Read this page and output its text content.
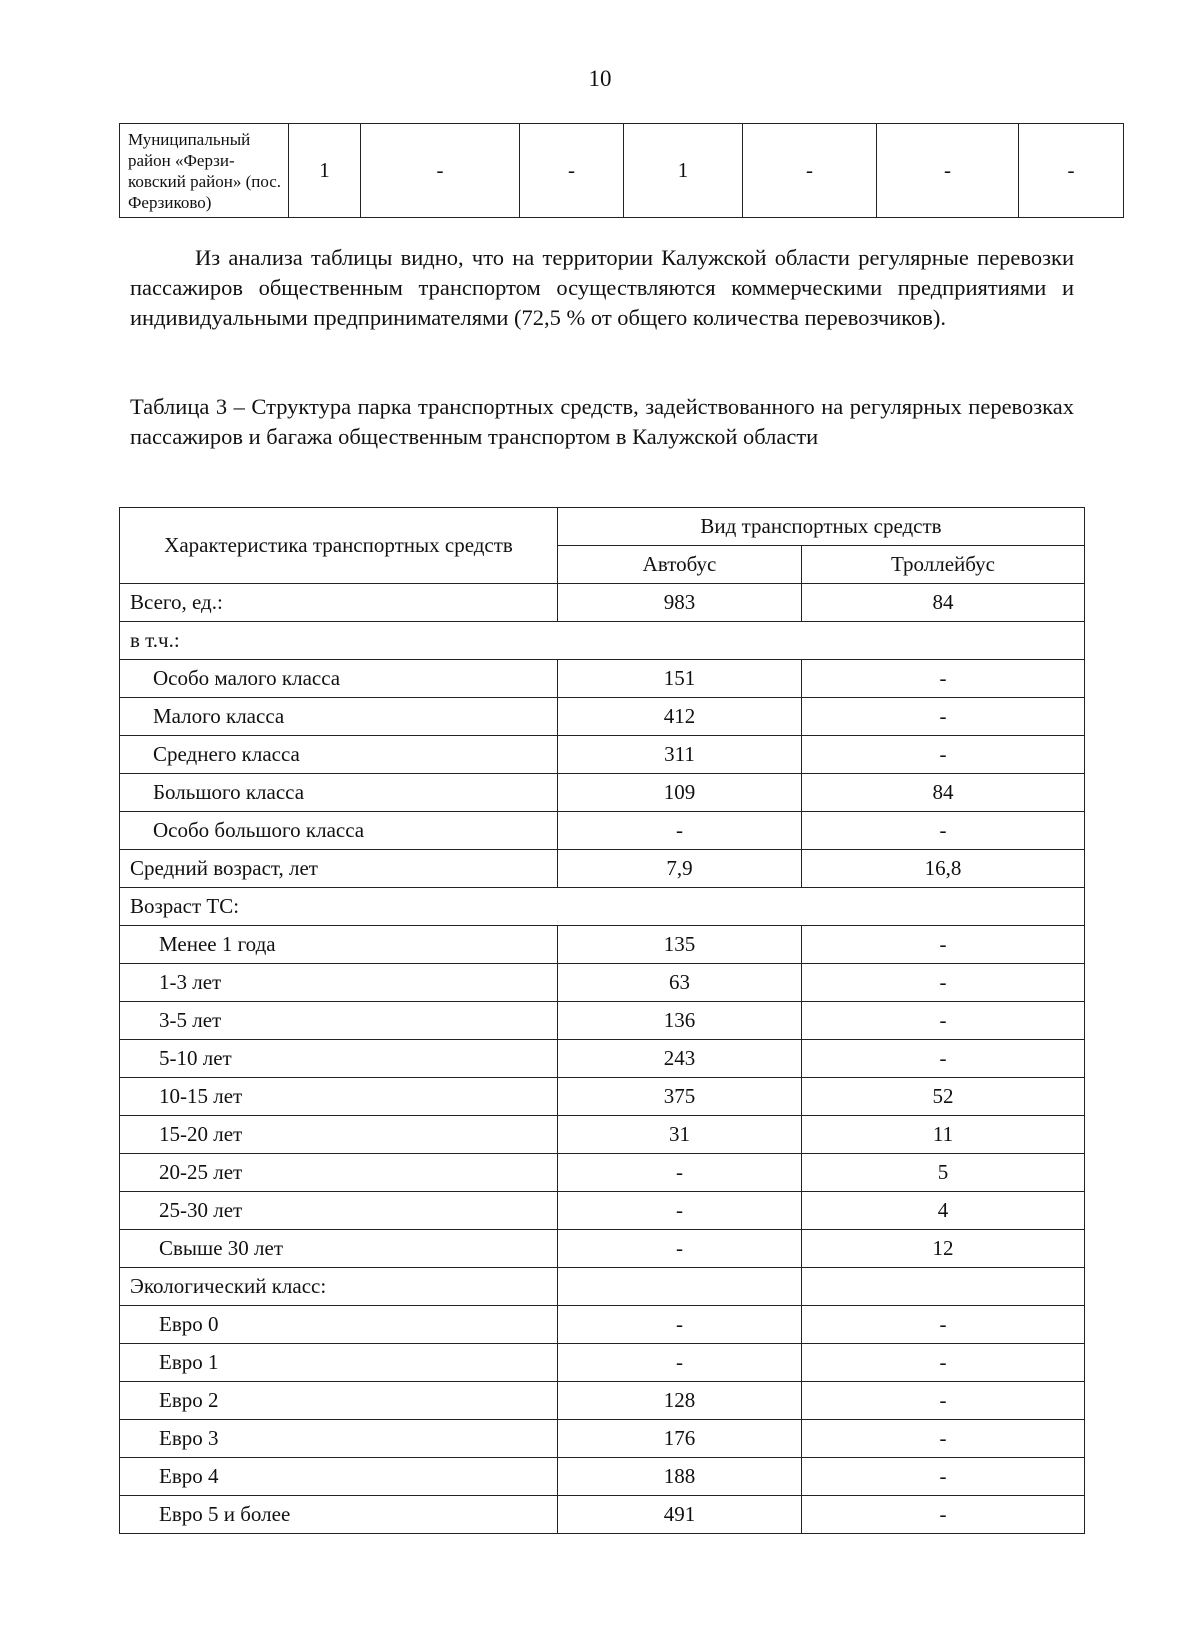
10
Муниципальный район «Ферзи-ковский район» (пос. Ферзиково)	1	-	-	1	-	-	-
Из анализа таблицы видно, что на территории Калужской области регулярные перевозки пассажиров общественным транспортом осуществляются коммерческими предприятиями и индивидуальными предпринимателями (72,5 % от общего количества перевозчиков).
Таблица 3 – Структура парка транспортных средств, задействованного на регулярных перевозках пассажиров и багажа общественным транспортом в Калужской области
Характеристика транспортных средств	Вид транспортных средств	
	Автобус	Троллейбус
Всего, ед.:	983	84
в т.ч.:		
Особо малого класса	151	-
Малого класса	412	-
Среднего класса	311	-
Большого класса	109	84
Особо большого класса	-	-
Средний возраст, лет	7,9	16,8
Возраст ТС:		
Менее 1 года	135	-
1-3 лет	63	-
3-5 лет	136	-
5-10 лет	243	-
10-15 лет	375	52
15-20 лет	31	11
20-25 лет	-	5
25-30 лет	-	4
Свыше 30 лет	-	12
Экологический класс:		
Евро 0	-	-
Евро 1	-	-
Евро 2	128	-
Евро 3	176	-
Евро 4	188	-
Евро 5 и более	491	-
